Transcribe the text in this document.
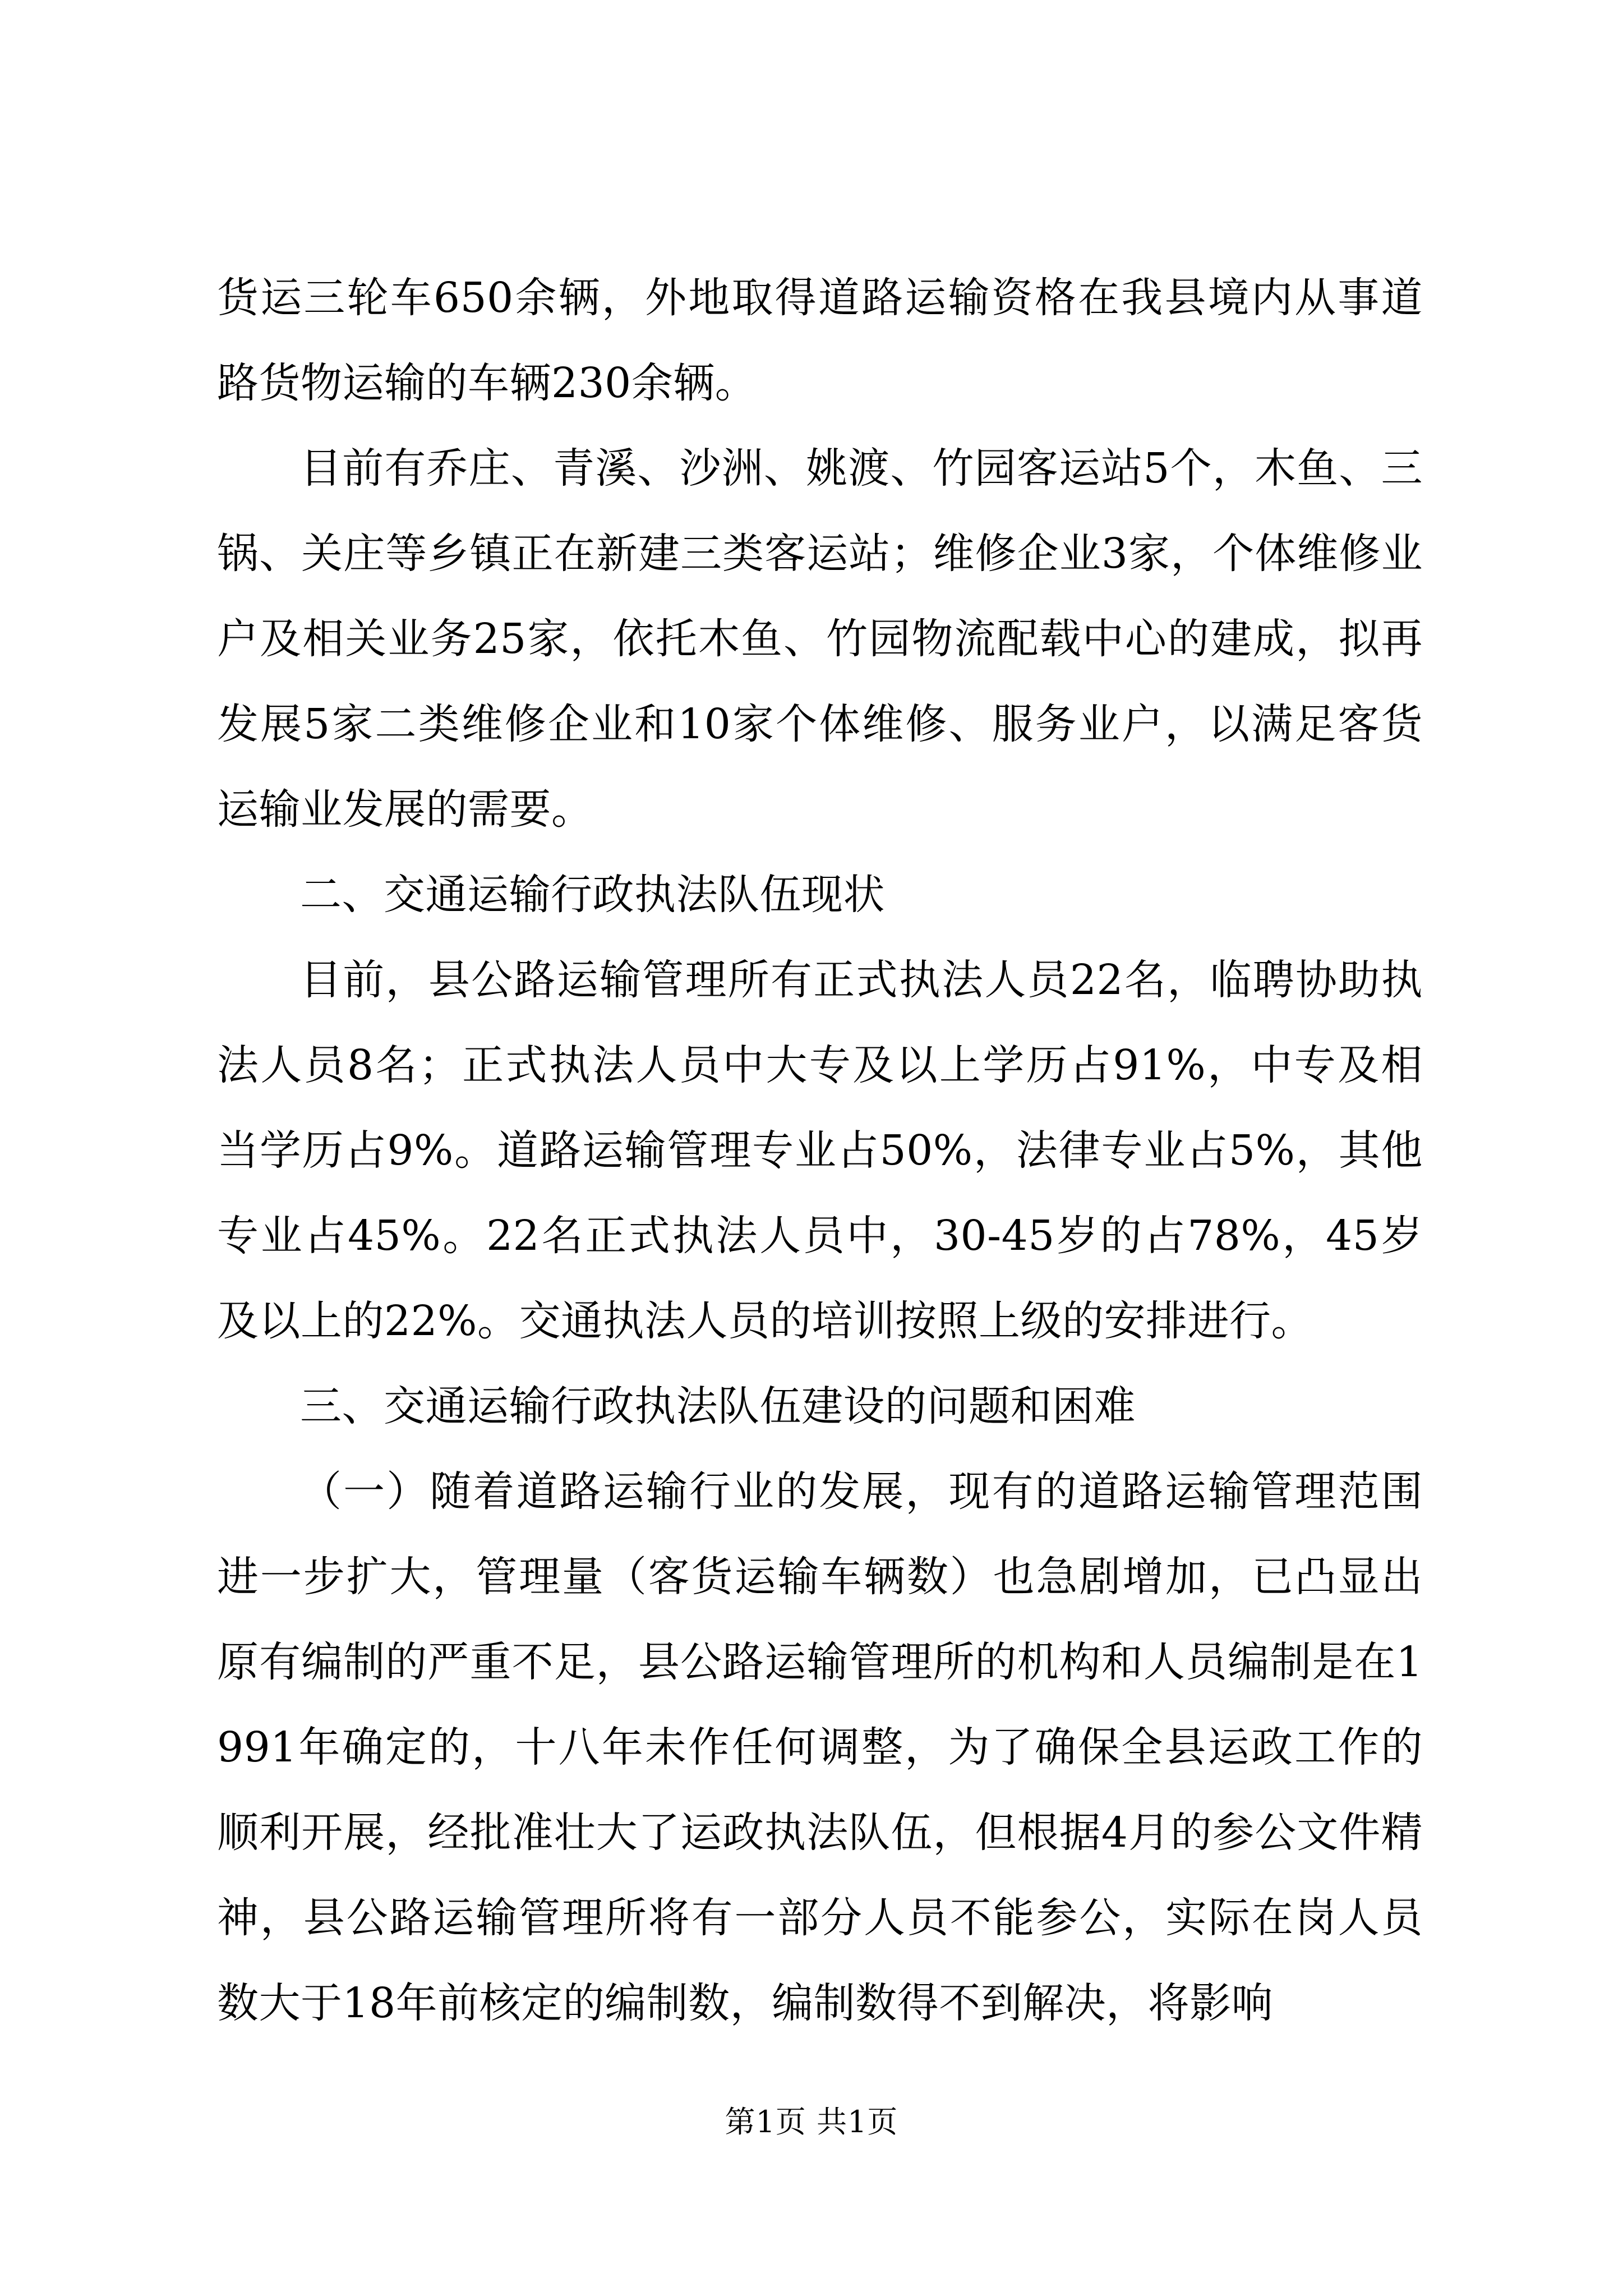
货运三轮车650余辆，外地取得道路运输资格在我县境内从事道路货物运输的车辆230余辆。

目前有乔庄、青溪、沙洲、姚渡、竹园客运站5个，木鱼、三锅、关庄等乡镇正在新建三类客运站；维修企业3家，个体维修业户及相关业务25家，依托木鱼、竹园物流配载中心的建成，拟再发展5家二类维修企业和10家个体维修、服务业户，以满足客货运输业发展的需要。

二、交通运输行政执法队伍现状

目前，县公路运输管理所有正式执法人员22名，临聘协助执法人员8名；正式执法人员中大专及以上学历占91%，中专及相当学历占9%。道路运输管理专业占50%，法律专业占5%，其他专业占45%。22名正式执法人员中，30-45岁的占78%，45岁及以上的22%。交通执法人员的培训按照上级的安排进行。

三、交通运输行政执法队伍建设的问题和困难

（一）随着道路运输行业的发展，现有的道路运输管理范围进一步扩大，管理量（客货运输车辆数）也急剧增加，已凸显出原有编制的严重不足，县公路运输管理所的机构和人员编制是在1991年确定的，十八年未作任何调整，为了确保全县运政工作的顺利开展，经批准壮大了运政执法队伍，但根据4月的参公文件精神，县公路运输管理所将有一部分人员不能参公，实际在岗人员数大于18年前核定的编制数，编制数得不到解决，将影响

第1页 共1页
